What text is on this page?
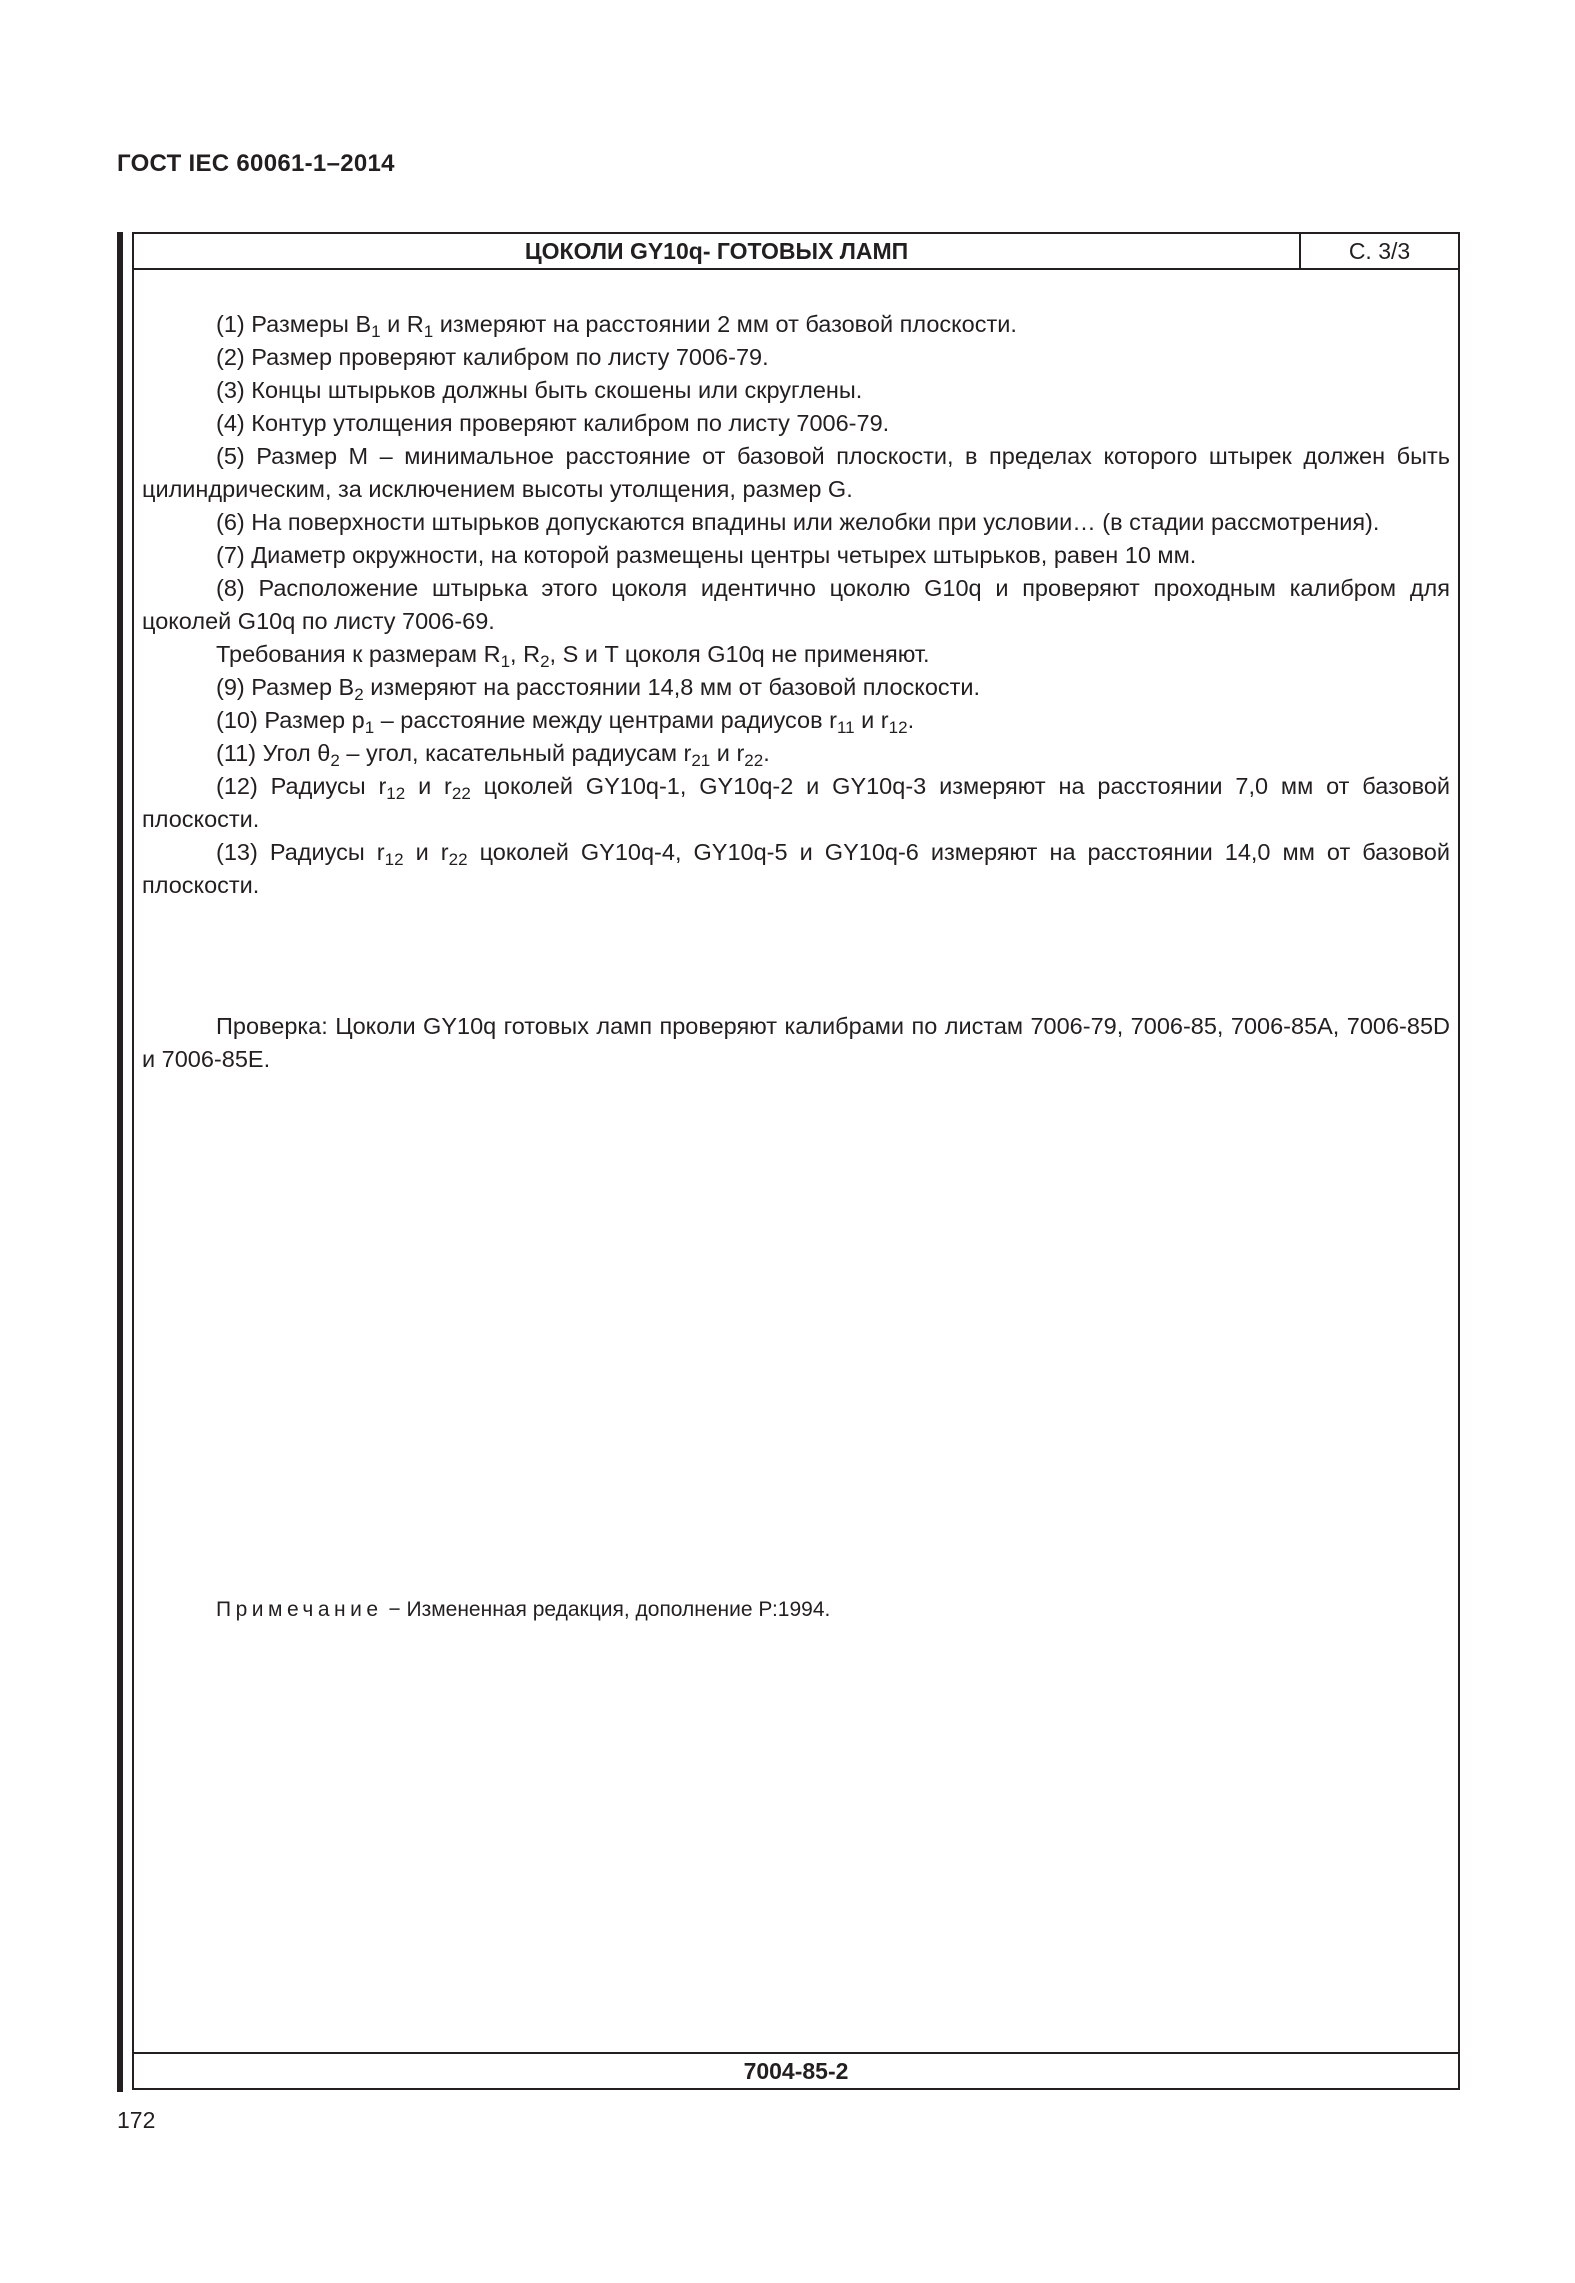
ГОСТ IEC 60061-1–2014
ЦОКОЛИ GY10q- ГОТОВЫХ ЛАМП	С. 3/3

(1) Размеры $B_1$ и $R_1$ измеряют на расстоянии 2 мм от базовой плоскости.

(2) Размер проверяют калибром по листу 7006-79.

(3) Концы штырьков должны быть скошены или скруглены.

(4) Контур утолщения проверяют калибром по листу 7006-79.

(5) Размер M – минимальное расстояние от базовой плоскости, в пределах которого штырек должен быть цилиндрическим, за исключением высоты утолщения, размер G.

(6) На поверхности штырьков допускаются впадины или желобки при условии… (в стадии рассмотрения).

(7) Диаметр окружности, на которой размещены центры четырех штырьков, равен 10 мм.

(8) Расположение штырька этого цоколя идентично цоколю G10q и проверяют проходным калибром для цоколей G10q по листу 7006-69.

Требования к размерам $R_1$, $R_2$, S и T цоколя G10q не применяют.

(9) Размер $B_2$ измеряют на расстоянии 14,8 мм от базовой плоскости.

(10) Размер $p_1$ – расстояние между центрами радиусов $r_{11}$ и $r_{12}$.

(11) Угол $\theta_2$ – угол, касательный радиусам $r_{21}$ и $r_{22}$.

(12) Радиусы $r_{12}$ и $r_{22}$ цоколей GY10q-1, GY10q-2 и GY10q-3 измеряют на расстоянии 7,0 мм от базовой плоскости.

(13) Радиусы $r_{12}$ и $r_{22}$ цоколей GY10q-4, GY10q-5 и GY10q-6 измеряют на расстоянии 14,0 мм от базовой плоскости.

Проверка: Цоколи GY10q готовых ламп проверяют калибрами по листам 7006-79, 7006-85, 7006-85A, 7006-85D и 7006-85E.

Примечание − Измененная редакция, дополнение Р:1994.
7004-85-2
172
